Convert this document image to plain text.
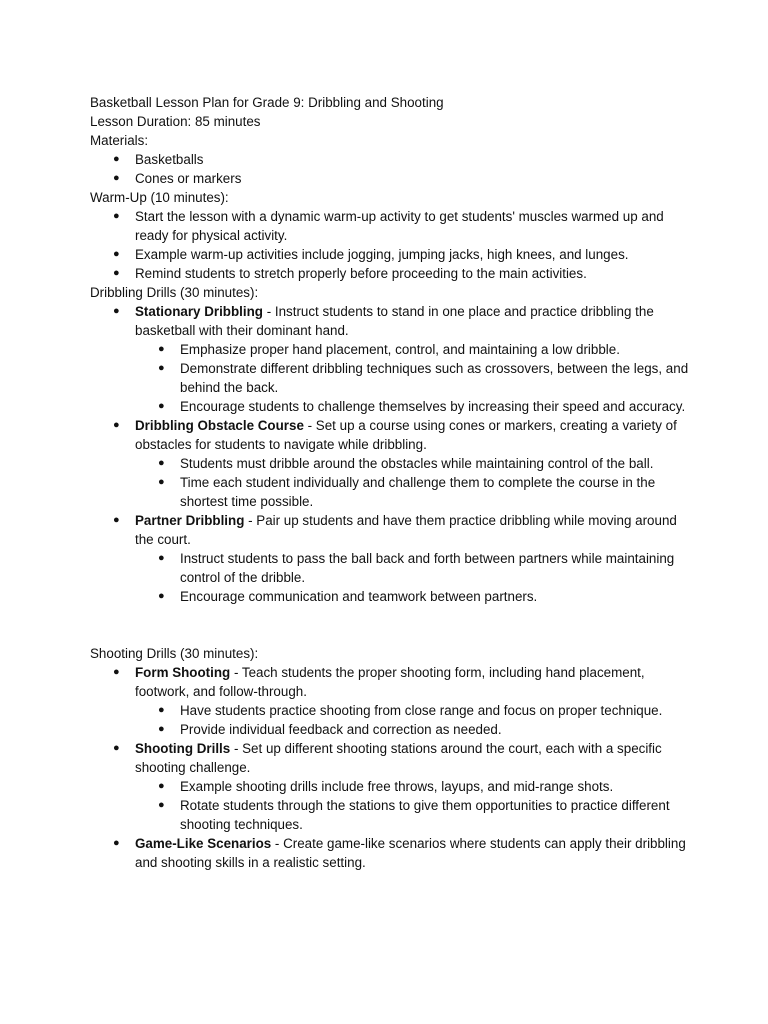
Basketball Lesson Plan for Grade 9: Dribbling and Shooting

Lesson Duration: 85 minutes

Materials:

● Basketballs
● Cones or markers

Warm-Up (10 minutes):

● Start the lesson with a dynamic warm-up activity to get students' muscles warmed up and ready for physical activity.
● Example warm-up activities include jogging, jumping jacks, high knees, and lunges.
● Remind students to stretch properly before proceeding to the main activities.

Dribbling Drills (30 minutes):

● Stationary Dribbling - Instruct students to stand in one place and practice dribbling the basketball with their dominant hand.
● Emphasize proper hand placement, control, and maintaining a low dribble.
● Demonstrate different dribbling techniques such as crossovers, between the legs, and behind the back.
● Encourage students to challenge themselves by increasing their speed and accuracy.
● Dribbling Obstacle Course - Set up a course using cones or markers, creating a variety of obstacles for students to navigate while dribbling.
● Students must dribble around the obstacles while maintaining control of the ball.
● Time each student individually and challenge them to complete the course in the shortest time possible.
● Partner Dribbling - Pair up students and have them practice dribbling while moving around the court.
● Instruct students to pass the ball back and forth between partners while maintaining control of the dribble.
● Encourage communication and teamwork between partners.

Shooting Drills (30 minutes):

● Form Shooting - Teach students the proper shooting form, including hand placement, footwork, and follow-through.
● Have students practice shooting from close range and focus on proper technique.
● Provide individual feedback and correction as needed.
● Shooting Drills - Set up different shooting stations around the court, each with a specific shooting challenge.
● Example shooting drills include free throws, layups, and mid-range shots.
● Rotate students through the stations to give them opportunities to practice different shooting techniques.
● Game-Like Scenarios - Create game-like scenarios where students can apply their dribbling and shooting skills in a realistic setting.
